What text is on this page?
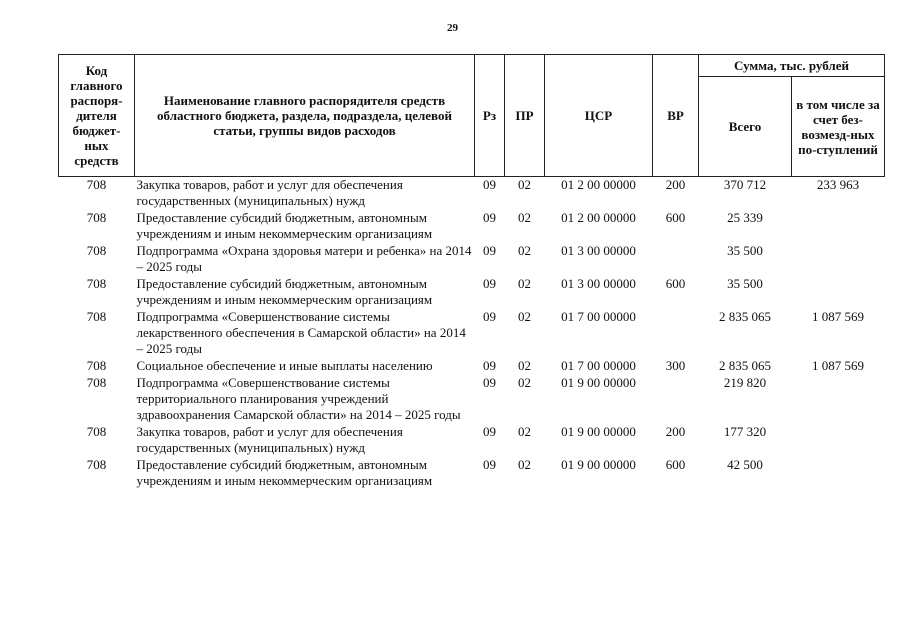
29
Код главного распоря-дителя бюджет-ных средств	Наименование главного распорядителя средств областного бюджета, раздела, подраздела, целевой статьи, группы видов расходов	Рз	ПР	ЦСР	ВР	Сумма, тыс. рублей	
						Всего	в том числе за счет без-возмезд-ных по-ступлений
708	Закупка товаров, работ и услуг для обеспечения государственных (муниципальных) нужд	09	02	01 2 00 00000	200	370 712	233 963
708	Предоставление субсидий бюджетным, автономным учреждениям и иным некоммерческим организациям	09	02	01 2 00 00000	600	25 339	
708	Подпрограмма «Охрана здоровья матери и ребенка» на 2014 – 2025 годы	09	02	01 3 00 00000		35 500	
708	Предоставление субсидий бюджетным, автономным учреждениям и иным некоммерческим организациям	09	02	01 3 00 00000	600	35 500	
708	Подпрограмма «Совершенствование системы лекарственного обеспечения в Самарской области» на 2014 – 2025 годы	09	02	01 7 00 00000		2 835 065	1 087 569
708	Социальное обеспечение и иные выплаты населению	09	02	01 7 00 00000	300	2 835 065	1 087 569
708	Подпрограмма «Совершенствование системы территориального планирования учреждений здравоохранения Самарской области» на 2014 – 2025 годы	09	02	01 9 00 00000		219 820	
708	Закупка товаров, работ и услуг для обеспечения государственных (муниципальных) нужд	09	02	01 9 00 00000	200	177 320	
708	Предоставление субсидий бюджетным, автономным учреждениям и иным некоммерческим организациям	09	02	01 9 00 00000	600	42 500	
